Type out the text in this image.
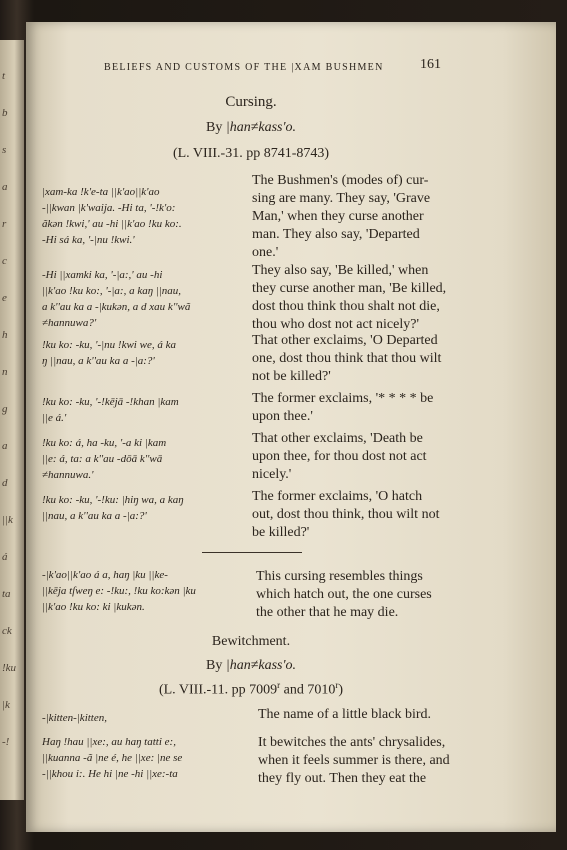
t
b
s
a
r
c
e
h
n
g
a
d
||k
á
ta
ck
!ku
|k
-!
BELIEFS AND CUSTOMS OF THE |XAM BUSHMEN	161
Cursing.
By |han≠kass'o.
(L. VIII.-31. pp 8741-8743)
|xam-ka !k'e-ta ||k'ao||k'ao
-||kwan |k'waija. -Hi ta, '-!k'o:
ãkən !kwi,' au -hi ||k'ao !ku ko:.
-Hi sá ka, '-|nu !kwi.'
The Bushmen's (modes of) cur-
sing are many. They say, 'Grave
Man,' when they curse another
man. They also say, 'Departed
one.'
-Hi ||xamki ka, '-|a:,' au -hi
||k'ao !ku ko:, '-|a:, a kaŋ ||nau,
a k''au ka a -|kukən, a d xau k''wã
≠hannuwa?'
They also say, 'Be killed,' when
they curse another man, 'Be killed,
dost thou think thou shalt not die,
thou who dost not act nicely?'
!ku ko: -ku, '-|nu !kwi we, á ka
ŋ ||nau, a k''au ka a -|a:?'
That other exclaims, 'O Departed
one, dost thou think that thou wilt
not be killed?'
!ku ko: -ku, '-!kējā -!khan |kam
||e á.'
The former exclaims, '* * * * be
upon thee.'
!ku ko: á, ha -ku, '-a ki |kam
||e: á, ta: a k''au -dōā k''wā
≠hannuwa.'
That other exclaims, 'Death be
upon thee, for thou dost not act
nicely.'
!ku ko: -ku, '-!ku: |hiŋ wa, a kaŋ
||nau, a k''au ka a -|a:?'
The former exclaims, 'O hatch
out, dost thou think, thou wilt not
be killed?'
-|k'ao||k'ao á a, haŋ |ku ||ke-
||kēja tſweŋ e: -!ku:, !ku ko:kən |ku
||k'ao !ku ko: ki |kukən.
This cursing resembles things
which hatch out, the one curses
the other that he may die.
Bewitchment.
By |han≠kass'o.
(L. VIII.-11. pp 7009$^r$ and 7010$^r$)
-|kitten-|kitten,	The name of a little black bird.
Haŋ !hau ||xe:, au haŋ tatti e:,
||kuanna -ã |ne é, he ||xe: |ne se
-||khou i:. He hi |ne -hi ||xe:-ta
It bewitches the ants' chrysalides,
when it feels summer is there, and
they fly out. Then they eat the
